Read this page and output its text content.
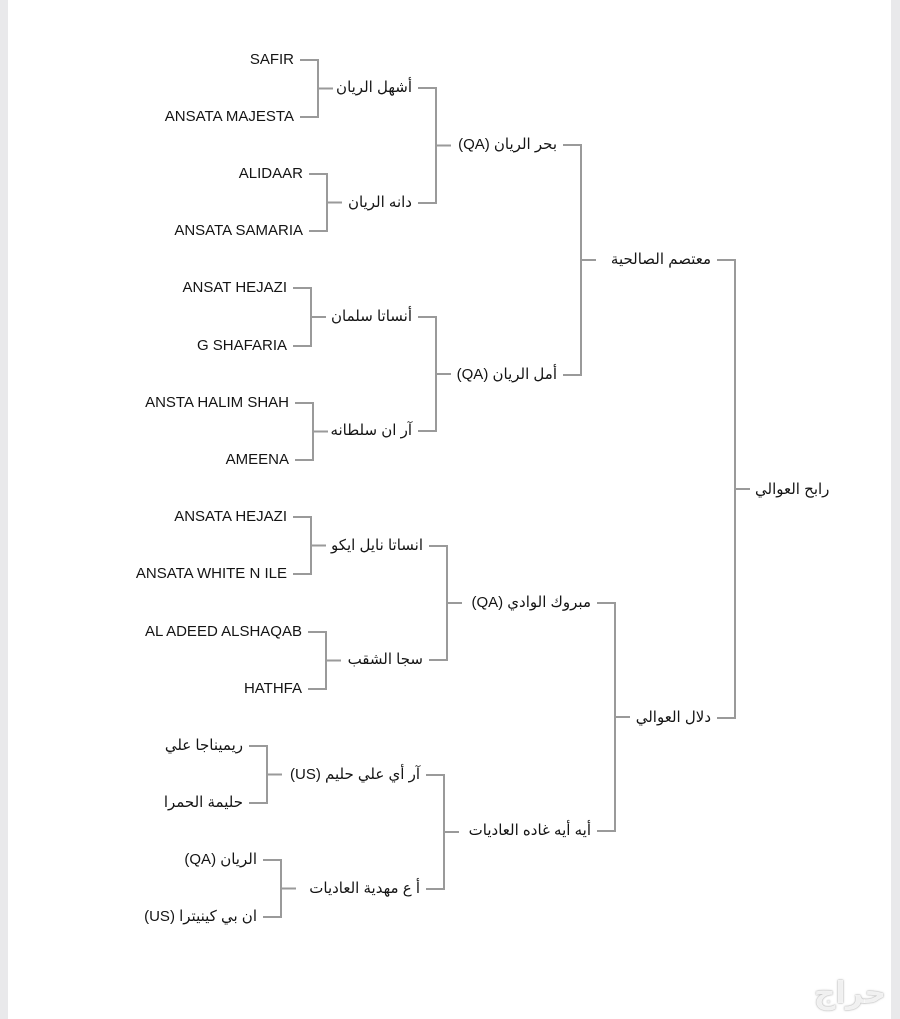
رابح العوالي
معتصم الصالحية
دلال العوالي
بحر الريان (QA)
أمل الريان (QA)
مبروك الوادي (QA)
أيه أيه غاده العاديات
أشهل الريان
دانه الريان
أنساتا سلمان
آر ان سلطانه
انساتا نايل ايكو
سجا الشقب
آر أي علي حليم (US)
أ ع مهدية العاديات
SAFIR
ANSATA MAJESTA
ALIDAAR
ANSATA SAMARIA
ANSAT HEJAZI
G SHAFARIA
ANSTA HALIM SHAH
AMEENA
ANSATA HEJAZI
ANSATA WHITE N ILE
AL ADEED ALSHAQAB
HATHFA
ريميناجا علي
حليمة الحمرا
الريان (QA)
ان بي كينيترا (US)
حراج
